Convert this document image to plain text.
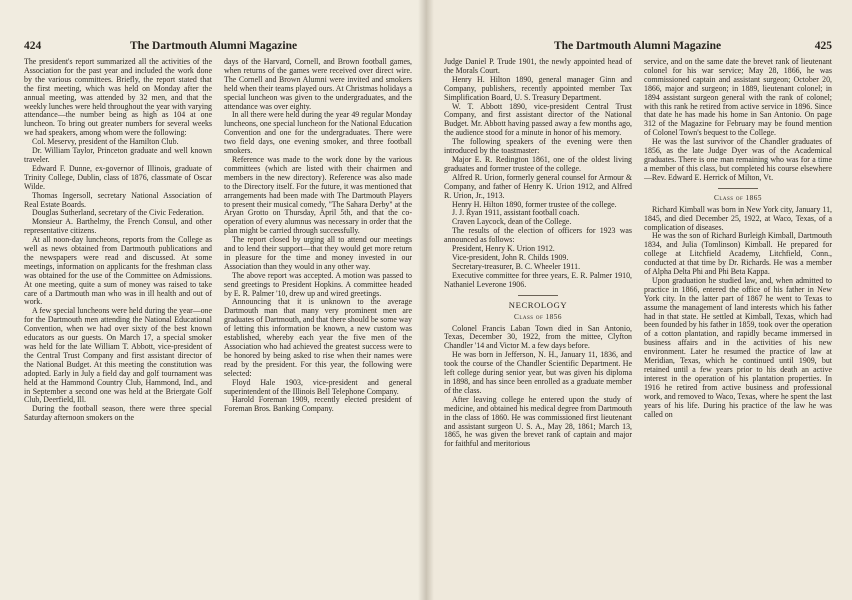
424	The Dartmouth Alumni Magazine

The president's report summarized all the activities of the Association for the past year and included the work done by the various committees. Briefly, the report stated that the first meeting, which was held on Monday after the annual meeting, was attended by 32 men, and that the weekly lunches were held throughout the year with varying attendance—the number being as high as 104 at one luncheon. To bring out greater numbers for several weeks we had speakers, among whom were the following:

Col. Meservy, president of the Hamilton Club.

Dr. William Taylor, Princeton graduate and well known traveler.

Edward F. Dunne, ex-governor of Illinois, graduate of Trinity College, Dublin, class of 1876, classmate of Oscar Wilde.

Thomas Ingersoll, secretary National Association of Real Estate Boards.

Douglas Sutherland, secretary of the Civic Federation.

Monsieur A. Barthelmy, the French Consul, and other representative citizens.

At all noon-day luncheons, reports from the College as well as news obtained from Dartmouth publications and the newspapers were read and discussed. At some meetings, information on applicants for the freshman class was obtained for the use of the Committee on Admissions. At one meeting, quite a sum of money was raised to take care of a Dartmouth man who was in ill health and out of work.

A few special luncheons were held during the year—one for the Dartmouth men attending the National Educational Convention, when we had over sixty of the best known educators as our guests. On March 17, a special smoker was held for the late William T. Abbott, vice-president of the Central Trust Company and first assistant director of the National Budget. At this meeting the constitution was adopted. Early in July a field day and golf tournament was held at the Hammond Country Club, Hammond, Ind., and in September a second one was held at the Briergate Golf Club, Deerfield, Ill.

During the football season, there were three special Saturday afternoon smokers on the

days of the Harvard, Cornell, and Brown football games, when returns of the games were received over direct wire. The Cornell and Brown Alumni were invited and smokers held when their teams played ours. At Christmas holidays a special luncheon was given to the undergraduates, and the attendance was over eighty.

In all there were held during the year 49 regular Monday luncheons, one special luncheon for the National Education Convention and one for the undergraduates. There were two field days, one evening smoker, and three football smokers.

Reference was made to the work done by the various committees (which are listed with their chairmen and members in the new directory). Reference was also made to the Directory itself. For the future, it was mentioned that arrangements had been made with The Dartmouth Players to present their musical comedy, "The Sahara Derby" at the Aryan Grotto on Thursday, April 5th, and that the co-operation of every alumnus was necessary in order that the plan might be carried through successfully.

The report closed by urging all to attend our meetings and to lend their support—that they would get more return in pleasure for the time and money invested in our Association than they would in any other way.

The above report was accepted. A motion was passed to send greetings to President Hopkins. A committee headed by E. R. Palmer '10, drew up and wired greetings.

Announcing that it is unknown to the average Dartmouth man that many very prominent men are graduates of Dartmouth, and that there should be some way of letting this information be known, a new custom was established, whereby each year the five men of the Association who had achieved the greatest success were to be honored by being asked to rise when their names were read by the president. For this year, the following were selected:

Floyd Hale 1903, vice-president and general superintendent of the Illinois Bell Telephone Company.

Harold Foreman 1909, recently elected president of Foreman Bros. Banking Company.

The Dartmouth Alumni Magazine	425

Judge Daniel P. Trude 1901, the newly appointed head of the Morals Court.

Henry H. Hilton 1890, general manager Ginn and Company, publishers, recently appointed member Tax Simplification Board, U. S. Treasury Department.

W. T. Abbott 1890, vice-president Central Trust Company, and first assistant director of the National Budget. Mr. Abbott having passed away a few months ago, the audience stood for a minute in honor of his memory.

The following speakers of the evening were then introduced by the toastmaster:

Major E. R. Redington 1861, one of the oldest living graduates and former trustee of the college.

Alfred R. Urion, formerly general counsel for Armour & Company, and father of Henry K. Urion 1912, and Alfred R. Urion, Jr., 1913.

Henry H. Hilton 1890, former trustee of the college.

J. J. Ryan 1911, assistant football coach.

Craven Laycock, dean of the College.

The results of the election of officers for 1923 was announced as follows:

President, Henry K. Urion 1912.

Vice-president, John R. Childs 1909.

Secretary-treasurer, B. C. Wheeler 1911.

Executive committee for three years, E. R. Palmer 1910, Nathaniel Leverone 1906.

NECROLOGY
Class of 1856

Colonel Francis Laban Town died in San Antonio, Texas, December 30, 1922, from the mittee, Clyfton Chandler '14 and Victor M. a few days before.

He was born in Jefferson, N. H., January 11, 1836, and took the course of the Chandler Scientific Department. He left college during senior year, but was given his diploma in 1898, and has since been enrolled as a graduate member of the class.

After leaving college he entered upon the study of medicine, and obtained his medical degree from Dartmouth in the class of 1860. He was commissioned first lieutenant and assistant surgeon U. S. A., May 28, 1861; March 13, 1865, he was given the brevet rank of captain and major for faithful and meritorious

service, and on the same date the brevet rank of lieutenant colonel for his war service; May 28, 1866, he was commissioned captain and assistant surgeon; October 20, 1866, major and surgeon; in 1889, lieutenant colonel; in 1894 assistant surgeon general with the rank of colonel; with this rank he retired from active service in 1896. Since that date he has made his home in San Antonio. On page 312 of the Magazine for February may be found mention of Colonel Town's bequest to the College.

He was the last survivor of the Chandler graduates of 1856, as the late Judge Dyer was of the Academical graduates. There is one man remaining who was for a time a member of this class, but completed his course elsewhere—Rev. Edward E. Herrick of Milton, Vt.

Class of 1865

Richard Kimball was born in New York city, January 11, 1845, and died December 25, 1922, at Waco, Texas, of a complication of diseases.

He was the son of Richard Burleigh Kimball, Dartmouth 1834, and Julia (Tomlinson) Kimball. He prepared for college at Litchfield Academy, Litchfield, Conn., conducted at that time by Dr. Richards. He was a member of Alpha Delta Phi and Phi Beta Kappa.

Upon graduation he studied law, and, when admitted to practice in 1866, entered the office of his father in New York city. In the latter part of 1867 he went to Texas to assume the management of land interests which his father had in that state. He settled at Kimball, Texas, which had been founded by his father in 1859, took over the operation of a cotton plantation, and rapidly became immersed in business affairs and in the activities of his new environment. Later he resumed the practice of law at Meridian, Texas, which he continued until 1909, but retained until a few years prior to his death an active interest in the operation of his plantation properties. In 1916 he retired from active business and professional work, and removed to Waco, Texas, where he spent the last years of his life. During his practice of the law he was called on
